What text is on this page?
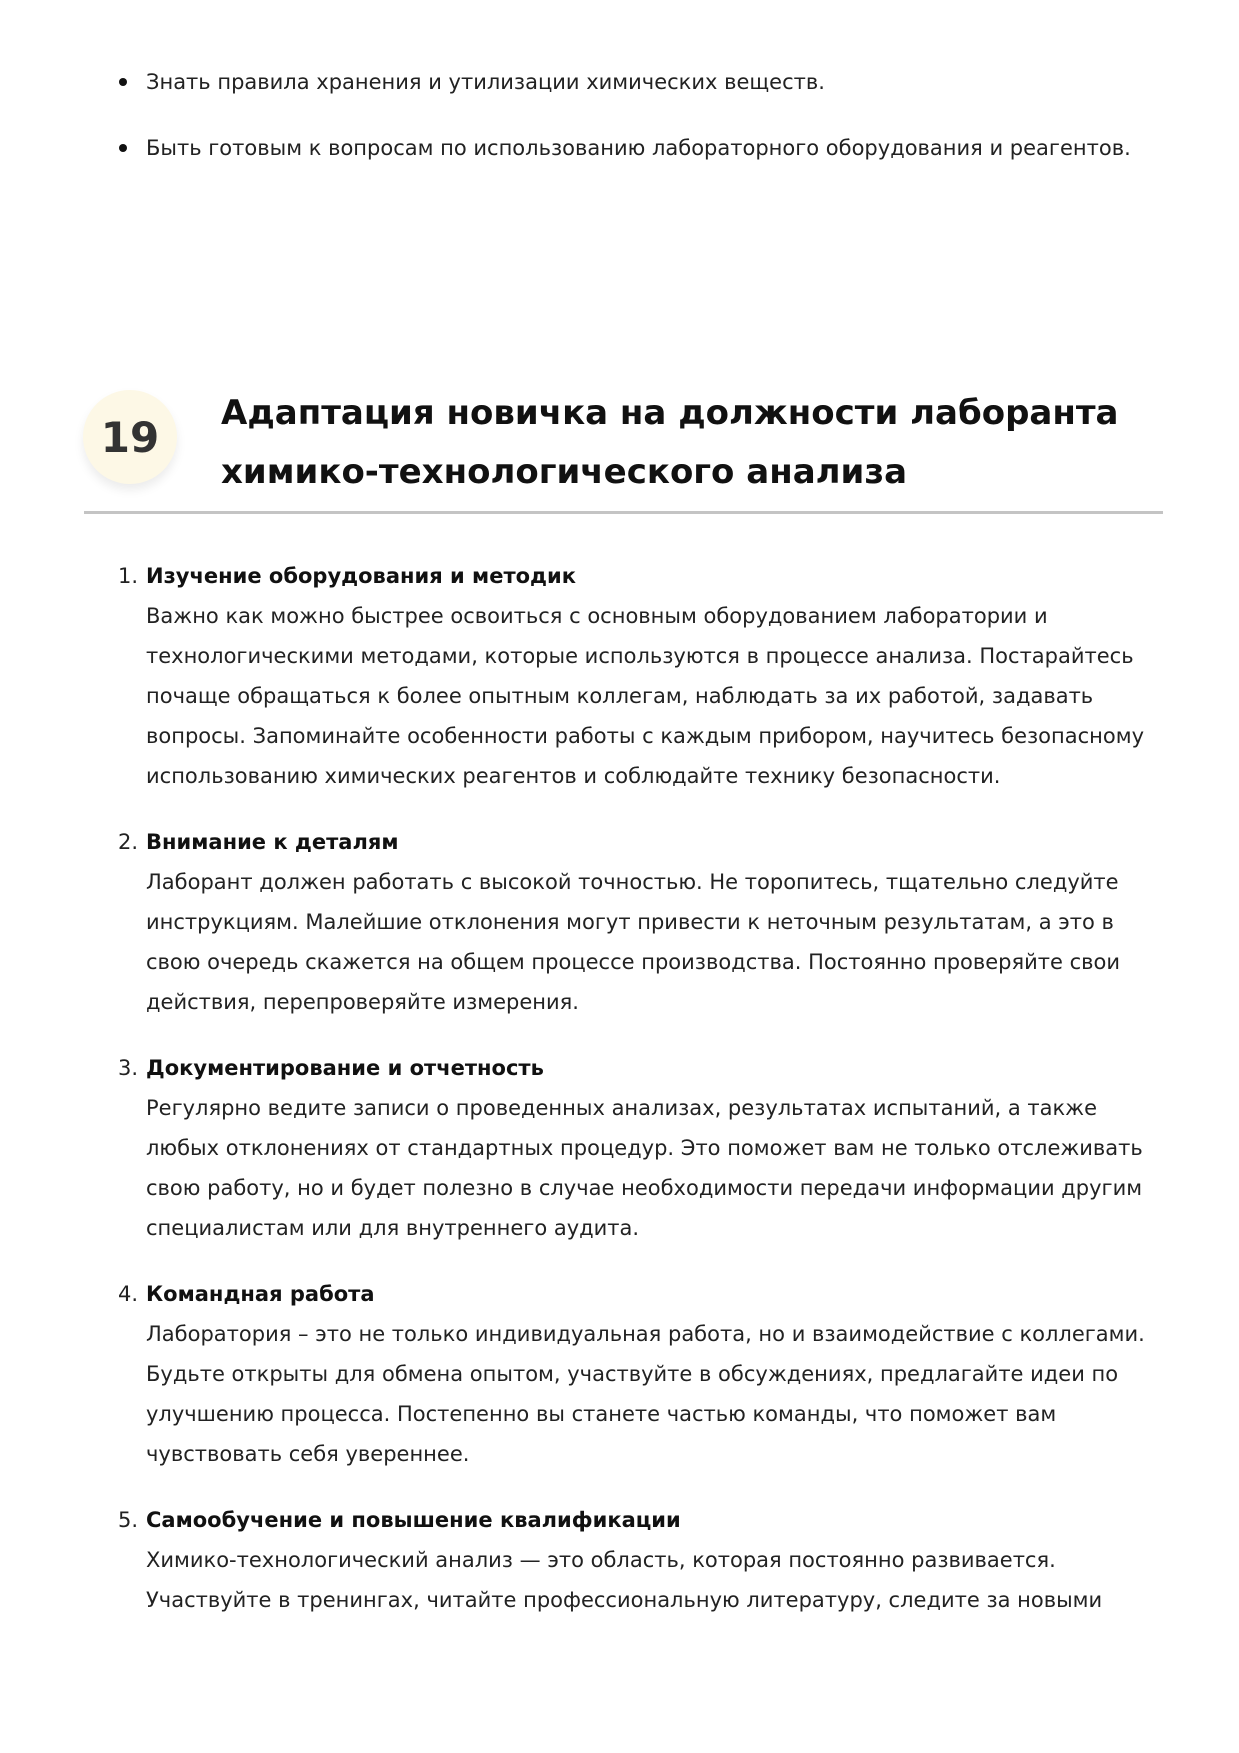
Знать правила хранения и утилизации химических веществ.
Быть готовым к вопросам по использованию лабораторного оборудования и реагентов.
19	Адаптация новичка на должности лаборанта химико-технологического анализа
1. Изучение оборудования и методик
Важно как можно быстрее освоиться с основным оборудованием лаборатории и технологическими методами, которые используются в процессе анализа. Постарайтесь почаще обращаться к более опытным коллегам, наблюдать за их работой, задавать вопросы. Запоминайте особенности работы с каждым прибором, научитесь безопасному использованию химических реагентов и соблюдайте технику безопасности.
2. Внимание к деталям
Лаборант должен работать с высокой точностью. Не торопитесь, тщательно следуйте инструкциям. Малейшие отклонения могут привести к неточным результатам, а это в свою очередь скажется на общем процессе производства. Постоянно проверяйте свои действия, перепроверяйте измерения.
3. Документирование и отчетность
Регулярно ведите записи о проведенных анализах, результатах испытаний, а также любых отклонениях от стандартных процедур. Это поможет вам не только отслеживать свою работу, но и будет полезно в случае необходимости передачи информации другим специалистам или для внутреннего аудита.
4. Командная работа
Лаборатория – это не только индивидуальная работа, но и взаимодействие с коллегами. Будьте открыты для обмена опытом, участвуйте в обсуждениях, предлагайте идеи по улучшению процесса. Постепенно вы станете частью команды, что поможет вам чувствовать себя увереннее.
5. Самообучение и повышение квалификации
Химико-технологический анализ — это область, которая постоянно развивается. Участвуйте в тренингах, читайте профессиональную литературу, следите за новыми
